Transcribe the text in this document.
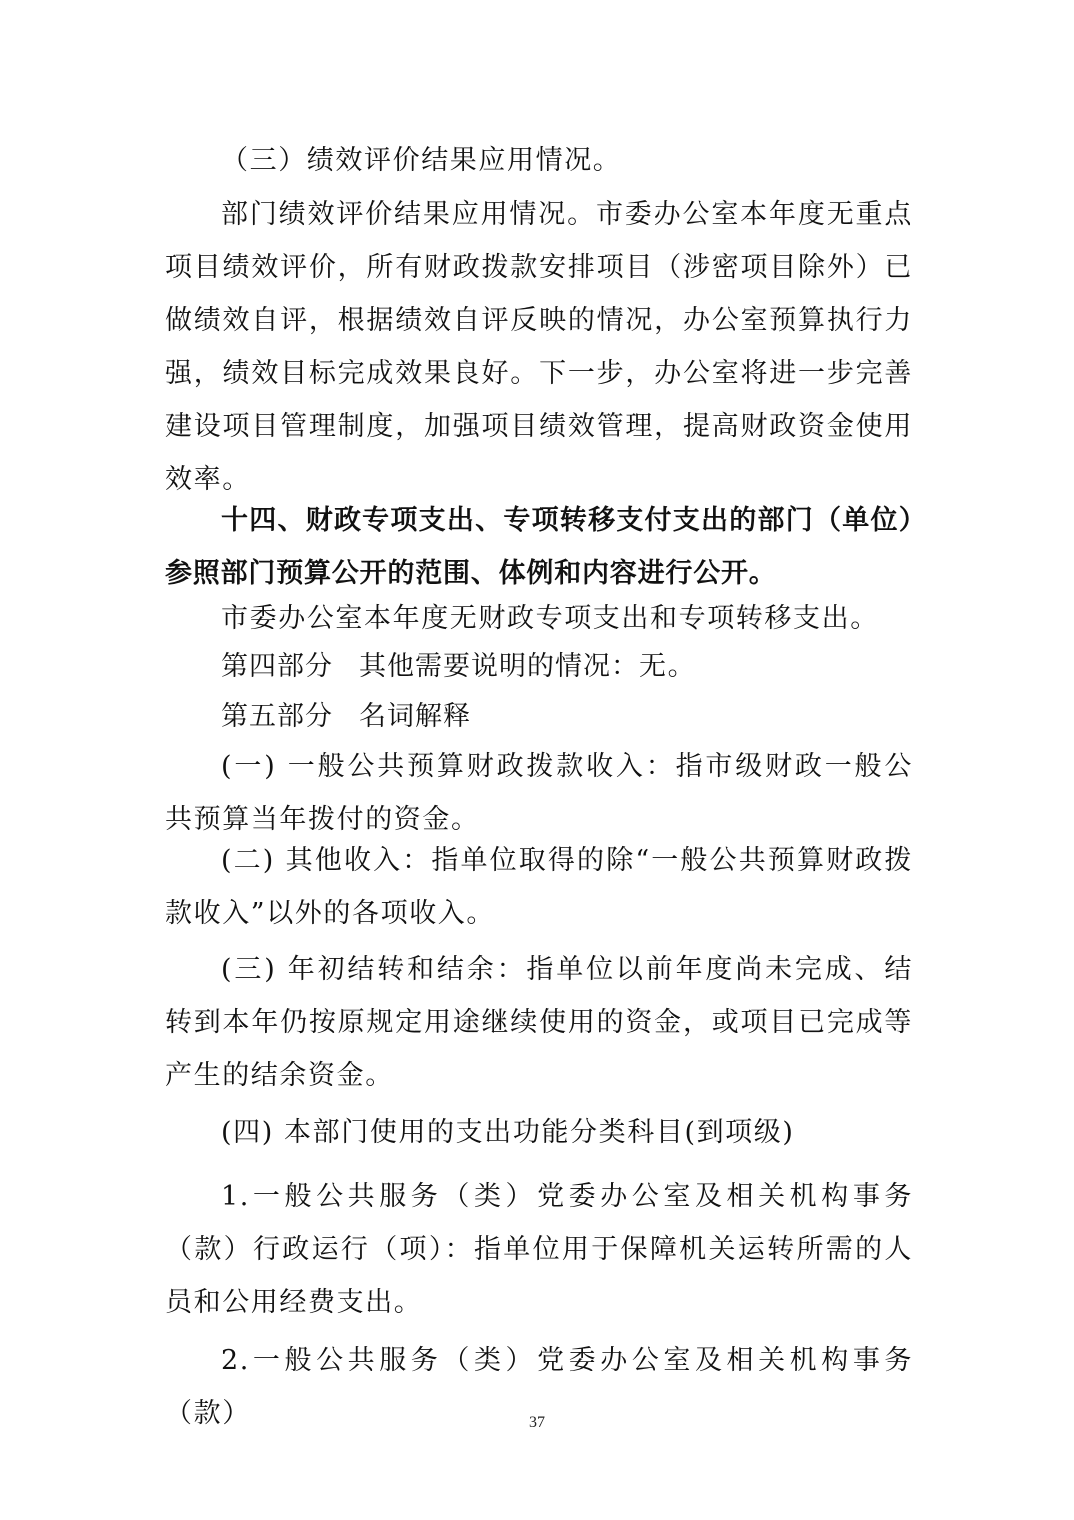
（三）绩效评价结果应用情况。

部门绩效评价结果应用情况。市委办公室本年度无重点项目绩效评价，所有财政拨款安排项目（涉密项目除外）已做绩效自评，根据绩效自评反映的情况，办公室预算执行力强，绩效目标完成效果良好。下一步，办公室将进一步完善建设项目管理制度，加强项目绩效管理，提高财政资金使用效率。

十四、财政专项支出、专项转移支付支出的部门（单位）参照部门预算公开的范围、体例和内容进行公开。

市委办公室本年度无财政专项支出和专项转移支出。

第四部分 其他需要说明的情况：无。

第五部分 名词解释

(一) 一般公共预算财政拨款收入：指市级财政一般公共预算当年拨付的资金。

(二) 其他收入：指单位取得的除“一般公共预算财政拨款收入”以外的各项收入。

(三) 年初结转和结余：指单位以前年度尚未完成、结转到本年仍按原规定用途继续使用的资金，或项目已完成等产生的结余资金。

(四) 本部门使用的支出功能分类科目(到项级)

1.一般公共服务（类）党委办公室及相关机构事务（款）行政运行（项）：指单位用于保障机关运转所需的人员和公用经费支出。

2.一般公共服务（类）党委办公室及相关机构事务（款）	37
